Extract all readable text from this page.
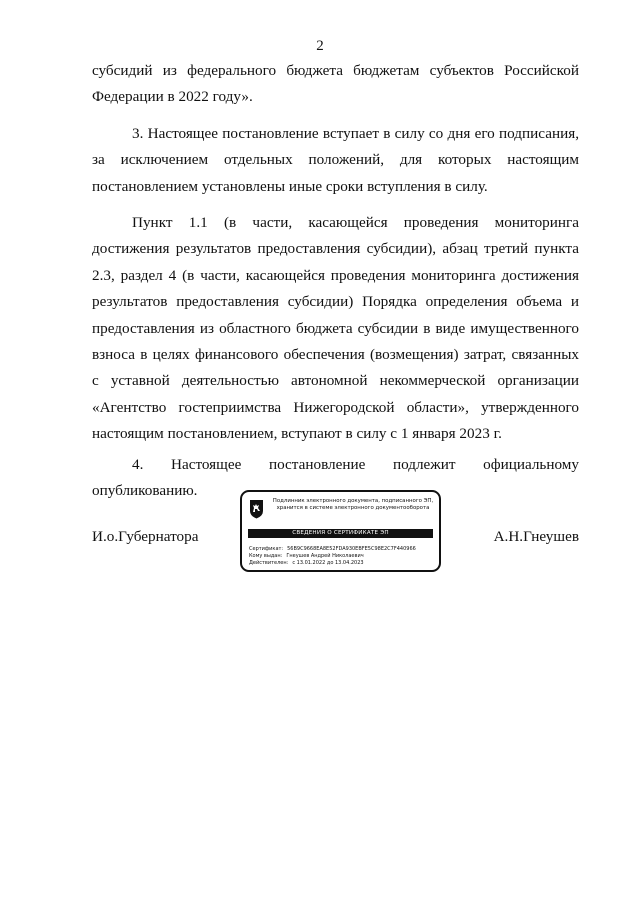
2

субсидий из федерального бюджета бюджетам субъектов Российской Федерации в 2022 году».

3. Настоящее постановление вступает в силу со дня его подписания, за исключением отдельных положений, для которых настоящим постановлением установлены иные сроки вступления в силу.

Пункт 1.1 (в части, касающейся проведения мониторинга достижения результатов предоставления субсидии), абзац третий пункта 2.3, раздел 4 (в части, касающейся проведения мониторинга достижения результатов предоставления субсидии) Порядка определения объема и предоставления из областного бюджета субсидии в виде имущественного взноса в целях финансового обеспечения (возмещения) затрат, связанных с уставной деятельностью автономной некоммерческой организации «Агентство гостеприимства Нижегородской области», утвержденного настоящим постановлением, вступают в силу с 1 января 2023 г.

4. Настоящее постановление подлежит официальному опубликованию.

И.о.Губернатора
Подлинник электронного документа, подписанного ЭП, хранится в системе электронного документооборота
СВЕДЕНИЯ О СЕРТИФИКАТЕ ЭП
Сертификат: 56B9C9668EA8E52FDA930EBFE5C98E2C7F440966
Кому выдан: Гнеушев Андрей Николаевич
Действителен: с 13.01.2022 до 13.04.2023
А.Н.Гнеушев
